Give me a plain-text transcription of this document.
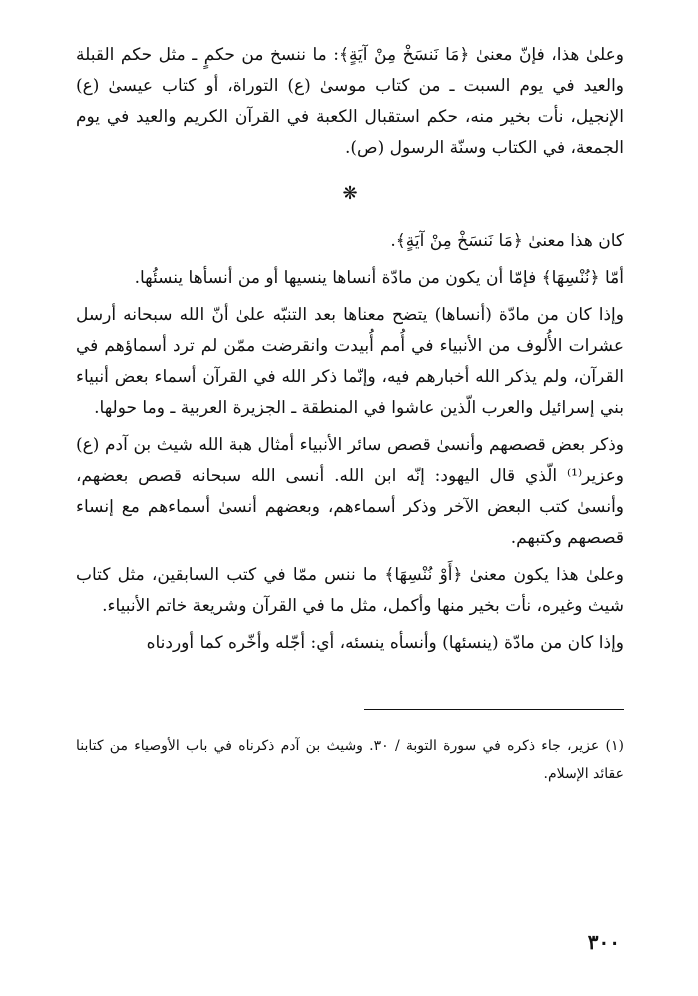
وعلىٰ هذا، فإنّ معنىٰ ﴿مَا نَنسَخْ مِنْ آيَةٍ﴾: ما ننسخ من حكمٍ ـ مثل حكم القبلة والعيد في يوم السبت ـ من كتاب موسىٰ (ع) التوراة، أو كتاب عيسىٰ (ع) الإنجيل، نأت بخير منه، حكم استقبال الكعبة في القرآن الكريم والعيد في يوم الجمعة، في الكتاب وسنّة الرسول (ص).

❋

كان هذا معنىٰ ﴿مَا نَنسَخْ مِنْ آيَةٍ﴾.

أمّا ﴿نُنْسِهَا﴾ فإمّا أن يكون من مادّة أنساها ينسيها أو من أنسأها ينسئُها.

وإذا كان من مادّة (أنساها) يتضح معناها بعد التنبّه علىٰ أنّ الله سبحانه أرسل عشرات الأُلوف من الأنبياء في أُمم أُبيدت وانقرضت ممّن لم ترد أسماؤهم في القرآن، ولم يذكر الله أخبارهم فيه، وإنّما ذكر الله في القرآن أسماء بعض أنبياء بني إسرائيل والعرب الّذين عاشوا في المنطقة ـ الجزيرة العربية ـ وما حولها.

وذكر بعض قصصهم وأنسىٰ قصص سائر الأنبياء أمثال هبة الله شيث بن آدم (ع) وعزير⁽¹⁾ الّذي قال اليهود: إنّه ابن الله. أنسى الله سبحانه قصص بعضهم، وأنسىٰ كتب البعض الآخر وذكر أسماءهم، وبعضهم أنسىٰ أسماءهم مع إنساء قصصهم وكتبهم.

وعلىٰ هذا يكون معنىٰ ﴿أَوْ نُنْسِهَا﴾ ما ننس ممّا في كتب السابقين، مثل كتاب شيث وغيره، نأت بخير منها وأكمل، مثل ما في القرآن وشريعة خاتم الأنبياء.

وإذا كان من مادّة (ينسئها) وأنسأه ينسئه، أي: أجّله وأخّره كما أوردناه

(١) عزير، جاء ذكره في سورة التوبة / ٣٠. وشيث بن آدم ذكرناه في باب الأوصياء من كتابنا عقائد الإسلام.

٣٠٠
